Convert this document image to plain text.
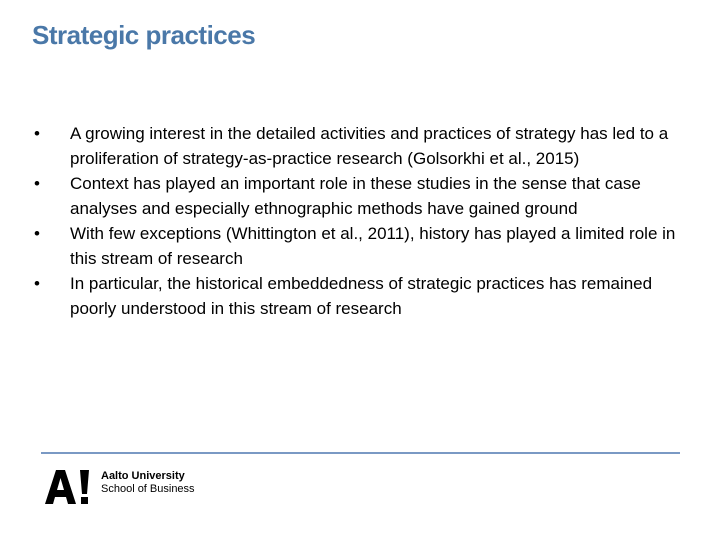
Strategic practices
•	A growing interest in the detailed activities and practices of strategy has led to a proliferation of strategy-as-practice research (Golsorkhi et al., 2015)
•	Context has played an important role in these studies in the sense that case analyses and especially ethnographic methods have gained ground
•	With few exceptions (Whittington et al., 2011), history has played a limited role in this stream of research
•	In particular, the historical embeddedness of strategic practices has remained poorly understood in this stream of research
Aalto University
School of Business
